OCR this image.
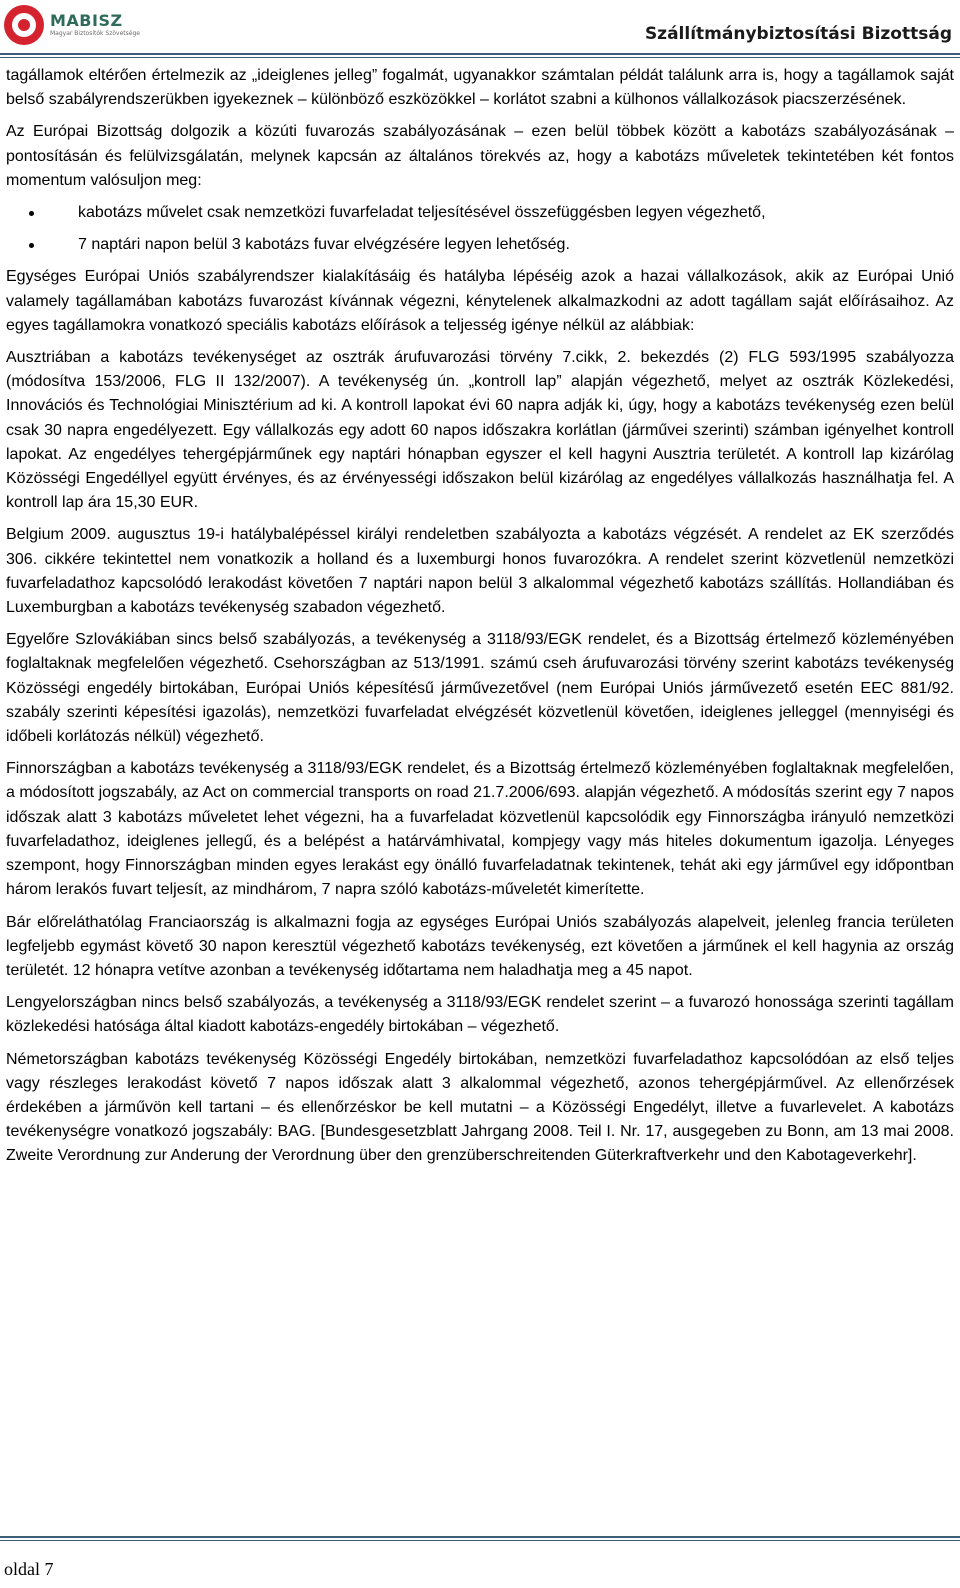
MABISZ
Magyar Biztosítók Szövetsége	Szállítmánybiztosítási Bizottság

tagállamok eltérően értelmezik az „ideiglenes jelleg” fogalmát, ugyanakkor számtalan példát találunk arra is, hogy a tagállamok saját belső szabályrendszerükben igyekeznek – különböző eszközökkel – korlátot szabni a külhonos vállalkozások piacszerzésének.

Az Európai Bizottság dolgozik a közúti fuvarozás szabályozásának – ezen belül többek között a kabotázs szabályozásának – pontosításán és felülvizsgálatán, melynek kapcsán az általános törekvés az, hogy a kabotázs műveletek tekintetében két fontos momentum valósuljon meg:

kabotázs művelet csak nemzetközi fuvarfeladat teljesítésével összefüggésben legyen végezhető,
7 naptári napon belül 3 kabotázs fuvar elvégzésére legyen lehetőség.

Egységes Európai Uniós szabályrendszer kialakításáig és hatályba lépéséig azok a hazai vállalkozások, akik az Európai Unió valamely tagállamában kabotázs fuvarozást kívánnak végezni, kénytelenek alkalmazkodni az adott tagállam saját előírásaihoz. Az egyes tagállamokra vonatkozó speciális kabotázs előírások a teljesség igénye nélkül az alábbiak:

Ausztriában a kabotázs tevékenységet az osztrák árufuvarozási törvény 7.cikk, 2. bekezdés (2) FLG 593/1995 szabályozza (módosítva 153/2006, FLG II 132/2007). A tevékenység ún. „kontroll lap” alapján végezhető, melyet az osztrák Közlekedési, Innovációs és Technológiai Minisztérium ad ki. A kontroll lapokat évi 60 napra adják ki, úgy, hogy a kabotázs tevékenység ezen belül csak 30 napra engedélyezett. Egy vállalkozás egy adott 60 napos időszakra korlátlan (járművei szerinti) számban igényelhet kontroll lapokat. Az engedélyes tehergépjárműnek egy naptári hónapban egyszer el kell hagyni Ausztria területét. A kontroll lap kizárólag Közösségi Engedéllyel együtt érvényes, és az érvényességi időszakon belül kizárólag az engedélyes vállalkozás használhatja fel. A kontroll lap ára 15,30 EUR.

Belgium 2009. augusztus 19-i hatálybalépéssel királyi rendeletben szabályozta a kabotázs végzését. A rendelet az EK szerződés 306. cikkére tekintettel nem vonatkozik a holland és a luxemburgi honos fuvarozókra. A rendelet szerint közvetlenül nemzetközi fuvarfeladathoz kapcsolódó lerakodást követően 7 naptári napon belül 3 alkalommal végezhető kabotázs szállítás. Hollandiában és Luxemburgban a kabotázs tevékenység szabadon végezhető.

Egyelőre Szlovákiában sincs belső szabályozás, a tevékenység a 3118/93/EGK rendelet, és a Bizottság értelmező közleményében foglaltaknak megfelelően végezhető. Csehországban az 513/1991. számú cseh árufuvarozási törvény szerint kabotázs tevékenység Közösségi engedély birtokában, Európai Uniós képesítésű járművezetővel (nem Európai Uniós járművezető esetén EEC 881/92. szabály szerinti képesítési igazolás), nemzetközi fuvarfeladat elvégzését közvetlenül követően, ideiglenes jelleggel (mennyiségi és időbeli korlátozás nélkül) végezhető.

Finnországban a kabotázs tevékenység a 3118/93/EGK rendelet, és a Bizottság értelmező közleményében foglaltaknak megfelelően, a módosított jogszabály, az Act on commercial transports on road 21.7.2006/693. alapján végezhető. A módosítás szerint egy 7 napos időszak alatt 3 kabotázs műveletet lehet végezni, ha a fuvarfeladat közvetlenül kapcsolódik egy Finnországba irányuló nemzetközi fuvarfeladathoz, ideiglenes jellegű, és a belépést a határvámhivatal, kompjegy vagy más hiteles dokumentum igazolja. Lényeges szempont, hogy Finnországban minden egyes lerakást egy önálló fuvarfeladatnak tekintenek, tehát aki egy járművel egy időpontban három lerakós fuvart teljesít, az mindhárom, 7 napra szóló kabotázs-műveletét kimerítette.

Bár előreláthatólag Franciaország is alkalmazni fogja az egységes Európai Uniós szabályozás alapelveit, jelenleg francia területen legfeljebb egymást követő 30 napon keresztül végezhető kabotázs tevékenység, ezt követően a járműnek el kell hagynia az ország területét. 12 hónapra vetítve azonban a tevékenység időtartama nem haladhatja meg a 45 napot.

Lengyelországban nincs belső szabályozás, a tevékenység a 3118/93/EGK rendelet szerint – a fuvarozó honossága szerinti tagállam közlekedési hatósága által kiadott kabotázs-engedély birtokában – végezhető.

Németországban kabotázs tevékenység Közösségi Engedély birtokában, nemzetközi fuvarfeladathoz kapcsolódóan az első teljes vagy részleges lerakodást követő 7 napos időszak alatt 3 alkalommal végezhető, azonos tehergépjárművel. Az ellenőrzések érdekében a járművön kell tartani – és ellenőrzéskor be kell mutatni – a Közösségi Engedélyt, illetve a fuvarlevelet. A kabotázs tevékenységre vonatkozó jogszabály: BAG. [Bundesgesetzblatt Jahrgang 2008. Teil I. Nr. 17, ausgegeben zu Bonn, am 13 mai 2008. Zweite Verordnung zur Anderung der Verordnung über den grenzüberschreitenden Güterkraftverkehr und den Kabotageverkehr].

oldal 7
